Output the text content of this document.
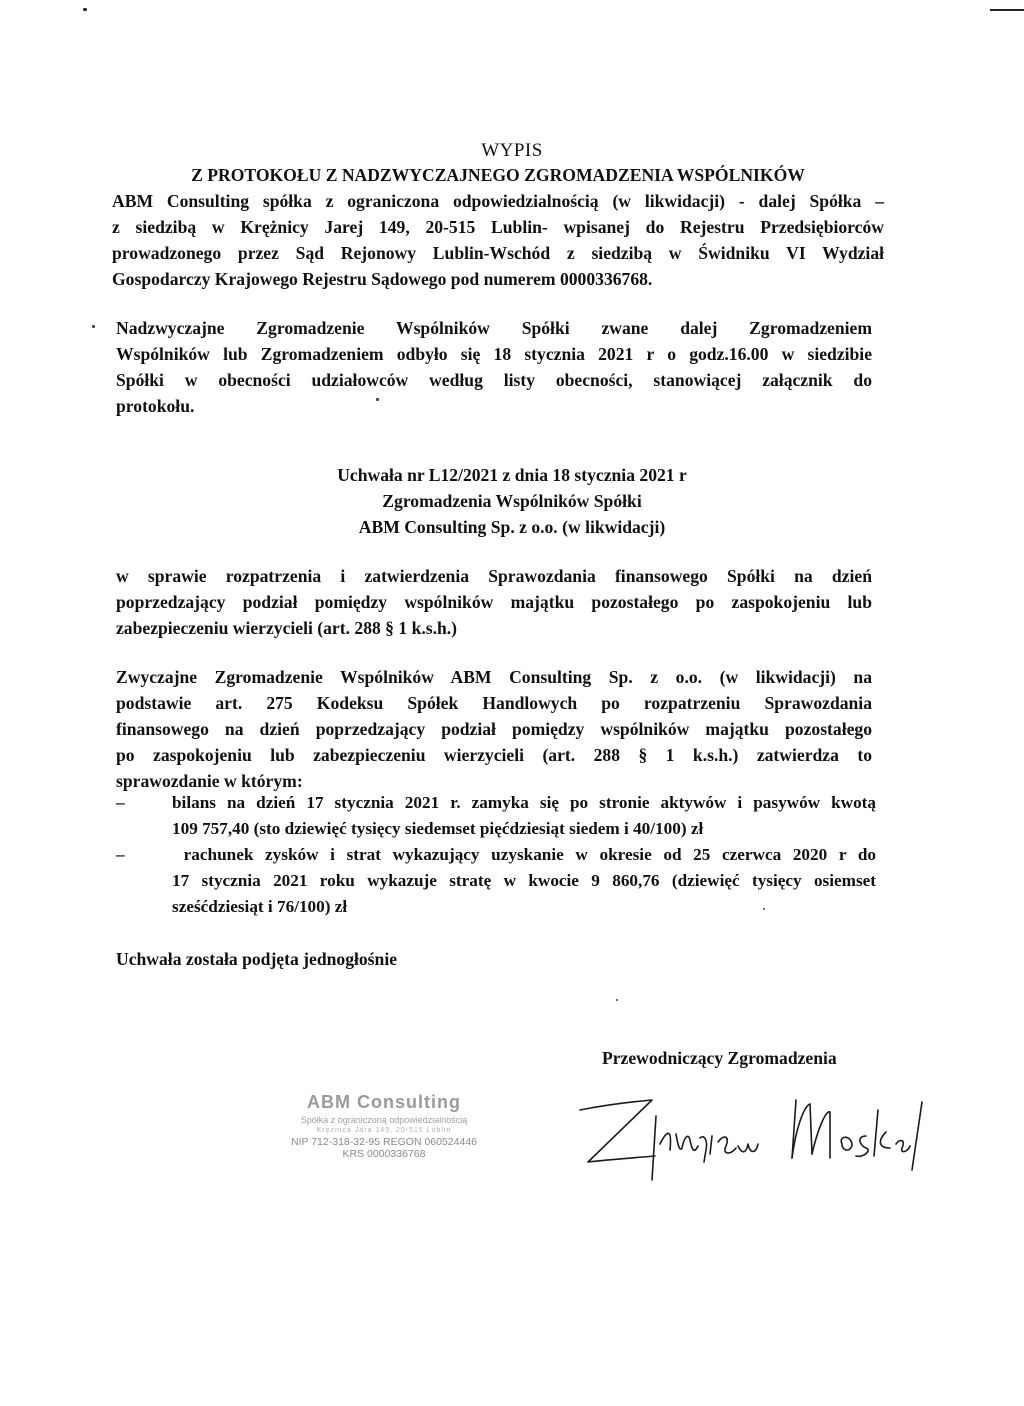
WYPIS
Z PROTOKOŁU Z NADZWYCZAJNEGO ZGROMADZENIA WSPÓLNIKÓW
ABM Consulting spółka z ograniczona odpowiedzialnością (w likwidacji) - dalej Spółka –
z siedzibą w Krężnicy Jarej 149, 20-515 Lublin- wpisanej do Rejestru Przedsiębiorców
prowadzonego przez Sąd Rejonowy Lublin-Wschód z siedzibą w Świdniku VI Wydział
Gospodarczy Krajowego Rejestru Sądowego pod numerem 0000336768.
Nadzwyczajne Zgromadzenie Wspólników Spółki zwane dalej Zgromadzeniem
Wspólników lub Zgromadzeniem odbyło się 18 stycznia 2021 r o godz.16.00 w siedzibie
Spółki w obecności udziałowców według listy obecności, stanowiącej załącznik do
protokołu.
Uchwała nr L12/2021 z dnia 18 stycznia 2021 r
Zgromadzenia Wspólników Spółki
ABM Consulting Sp. z o.o. (w likwidacji)
w sprawie rozpatrzenia i zatwierdzenia Sprawozdania finansowego Spółki na dzień
poprzedzający podział pomiędzy wspólników majątku pozostałego po zaspokojeniu lub
zabezpieczeniu wierzycieli (art. 288 § 1 k.s.h.)
Zwyczajne Zgromadzenie Wspólników ABM Consulting Sp. z o.o. (w likwidacji) na
podstawie art. 275 Kodeksu Spółek Handlowych po rozpatrzeniu Sprawozdania
finansowego na dzień poprzedzający podział pomiędzy wspólników majątku pozostałego
po zaspokojeniu lub zabezpieczeniu wierzycieli (art. 288 § 1 k.s.h.) zatwierdza to
sprawozdanie w którym:
–	bilans na dzień 17 stycznia 2021 r. zamyka się po stronie aktywów i pasywów kwotą
109 757,40 (sto dziewięć tysięcy siedemset pięćdziesiąt siedem i 40/100) zł
–	rachunek zysków i strat wykazujący uzyskanie w okresie od 25 czerwca 2020 r do
17 stycznia 2021 roku wykazuje stratę w kwocie 9 860,76 (dziewięć tysięcy osiemset
sześćdziesiąt i 76/100) zł
Uchwała została podjęta jednogłośnie
Przewodniczący Zgromadzenia
ABM Consulting
Spółka z ograniczoną odpowiedzialnością
Krężnica Jara 149, 20-515 Lublin
NIP 712-318-32-95 REGON 060524446
KRS 0000336768
